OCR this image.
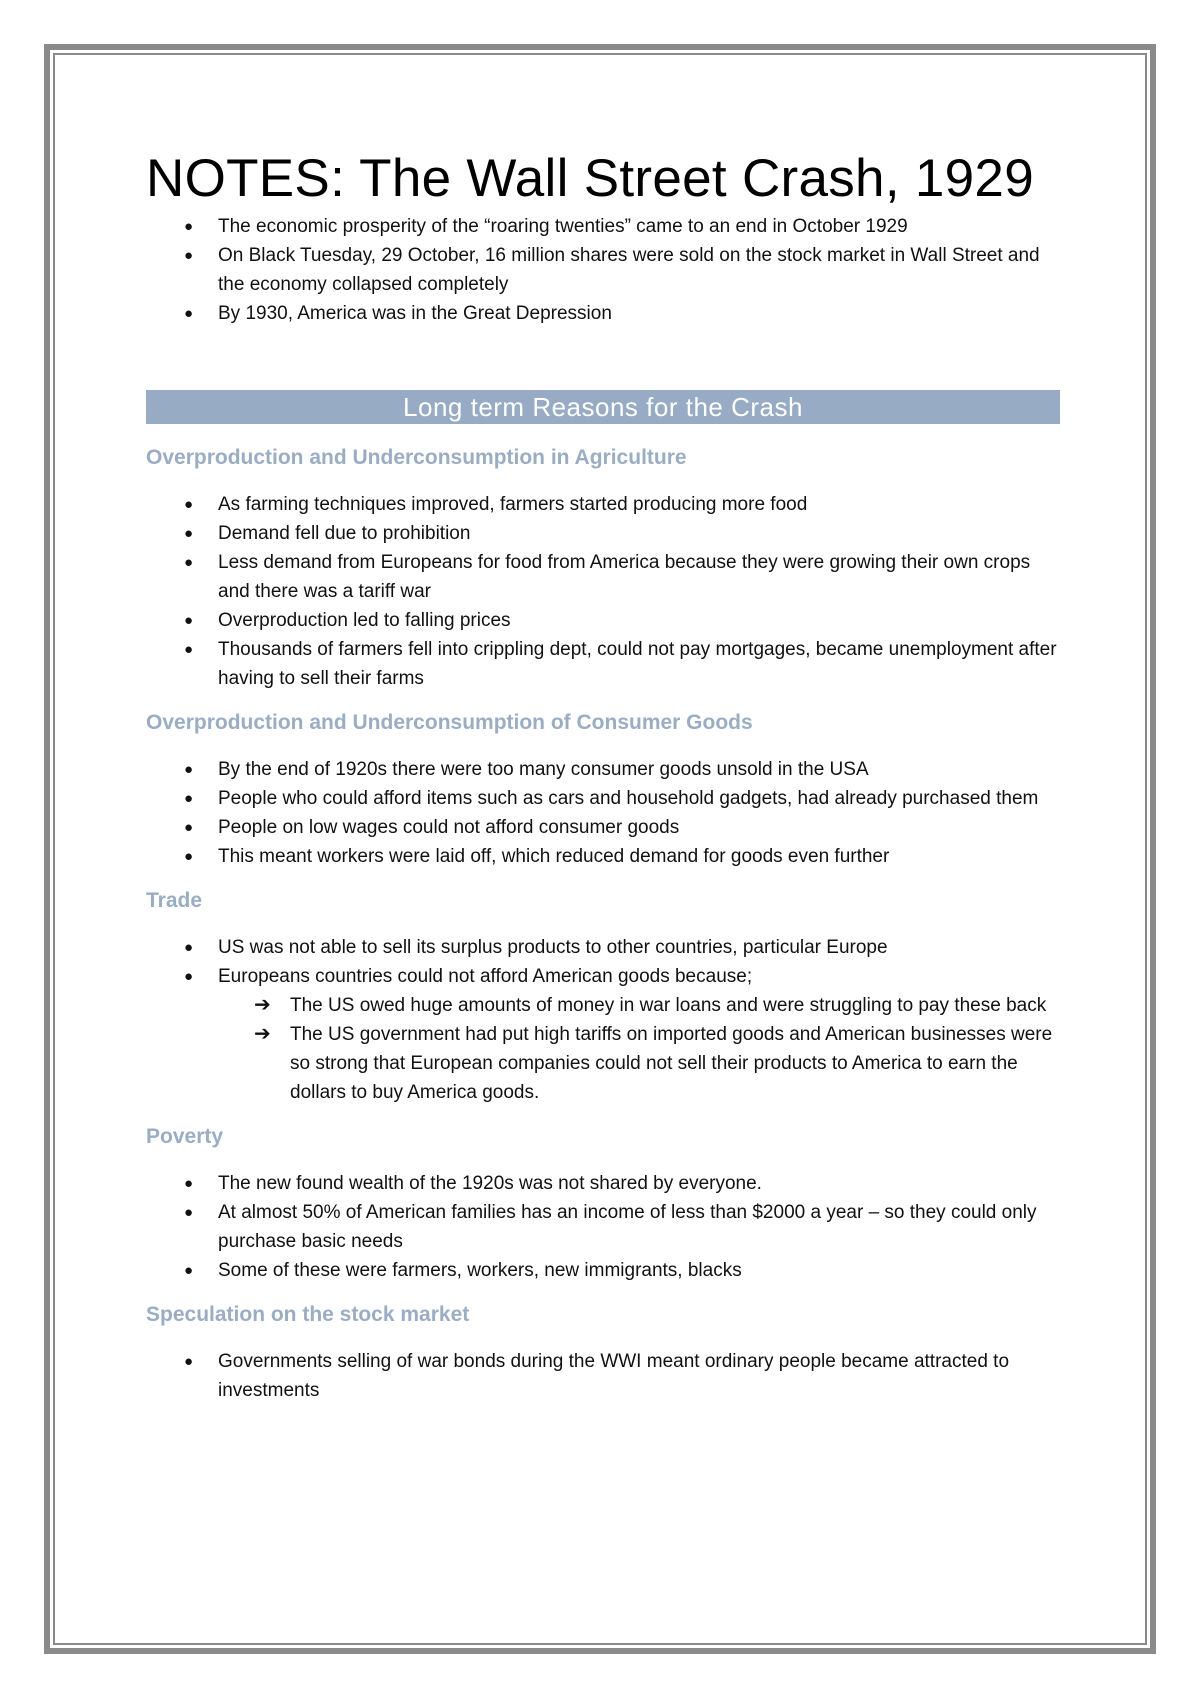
NOTES: The Wall Street Crash, 1929
● The economic prosperity of the “roaring twenties” came to an end in October 1929
● On Black Tuesday, 29 October, 16 million shares were sold on the stock market in Wall Street and the economy collapsed completely
● By 1930, America was in the Great Depression
Long term Reasons for the Crash
Overproduction and Underconsumption in Agriculture
● As farming techniques improved, farmers started producing more food
● Demand fell due to prohibition
● Less demand from Europeans for food from America because they were growing their own crops and there was a tariff war
● Overproduction led to falling prices
● Thousands of farmers fell into crippling dept, could not pay mortgages, became unemployment after having to sell their farms
Overproduction and Underconsumption of Consumer Goods
● By the end of 1920s there were too many consumer goods unsold in the USA
● People who could afford items such as cars and household gadgets, had already purchased them
● People on low wages could not afford consumer goods
● This meant workers were laid off, which reduced demand for goods even further
Trade
● US was not able to sell its surplus products to other countries, particular Europe
● Europeans countries could not afford American goods because;
➔ The US owed huge amounts of money in war loans and were struggling to pay these back
➔ The US government had put high tariffs on imported goods and American businesses were so strong that European companies could not sell their products to America to earn the dollars to buy America goods.
Poverty
● The new found wealth of the 1920s was not shared by everyone.
● At almost 50% of American families has an income of less than $2000 a year – so they could only purchase basic needs
● Some of these were farmers, workers, new immigrants, blacks
Speculation on the stock market
● Governments selling of war bonds during the WWI meant ordinary people became attracted to investments
